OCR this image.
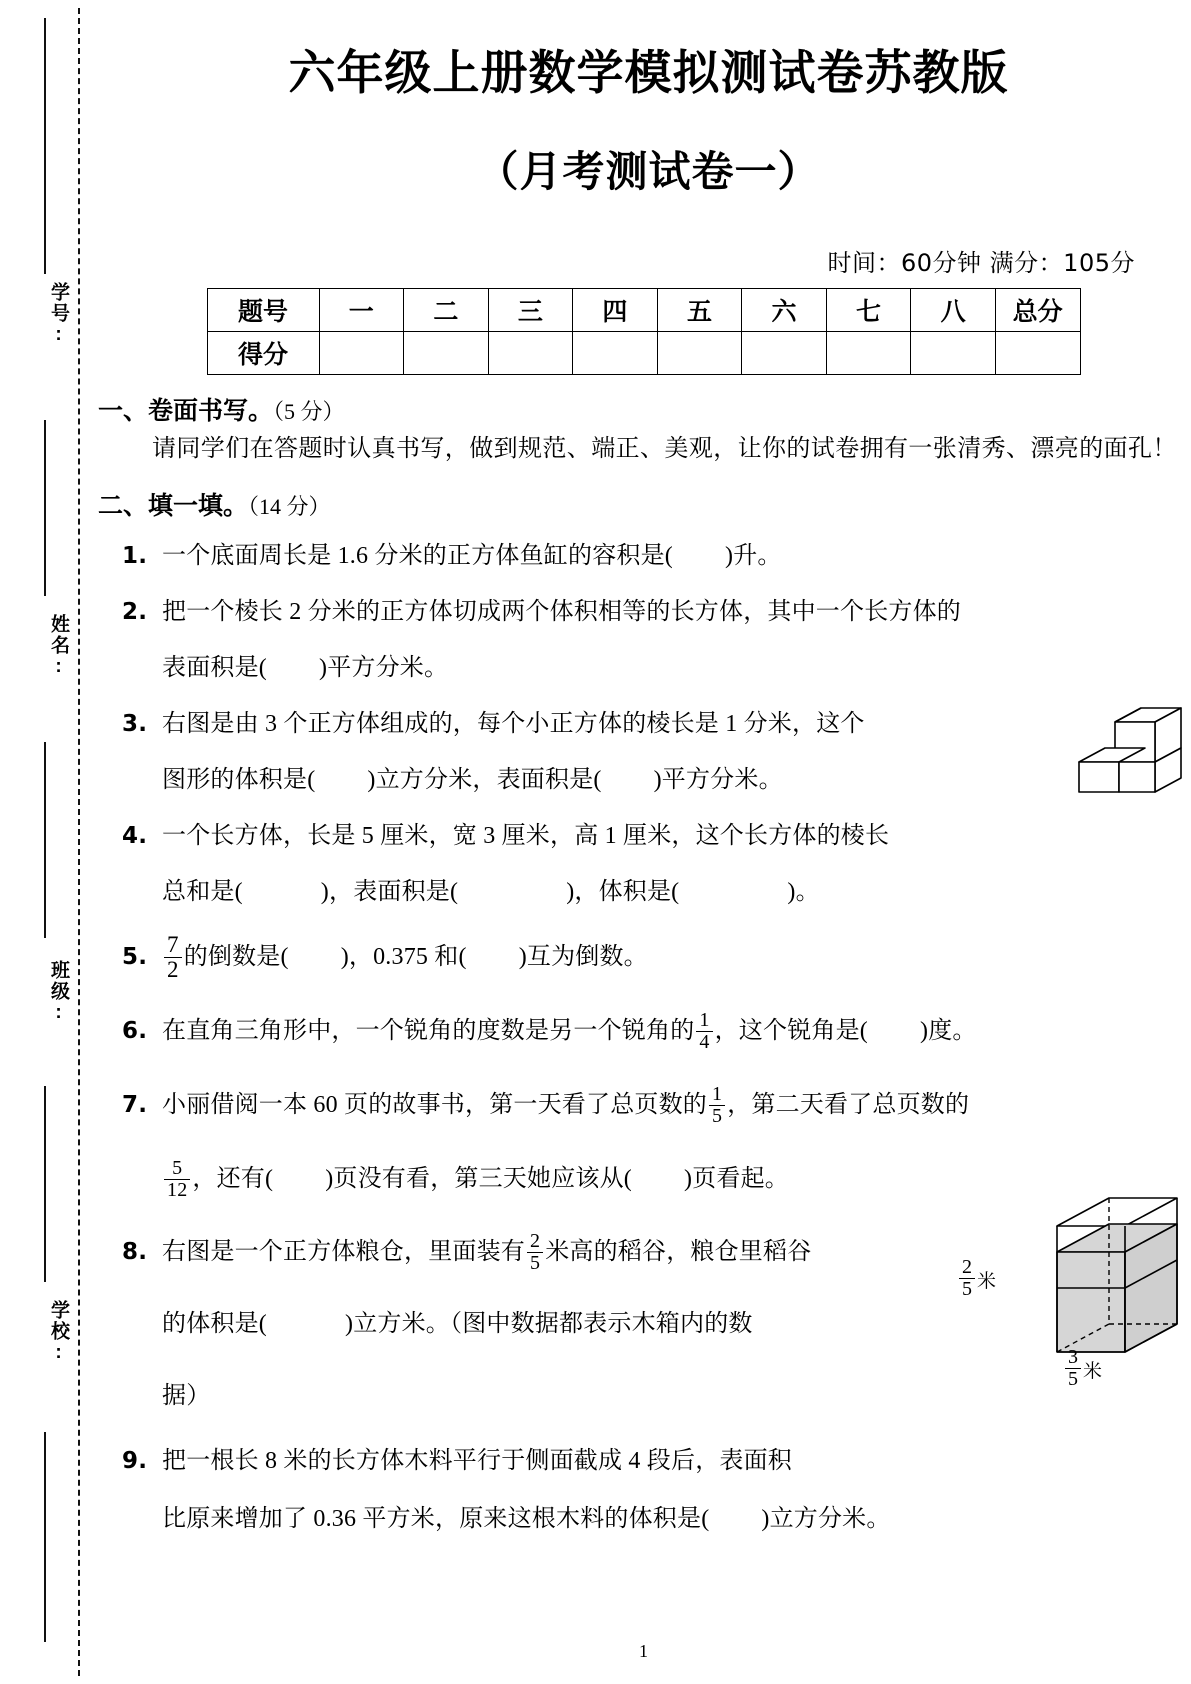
学号:
姓名:
班级:
学校:
六年级上册数学模拟测试卷苏教版
（月考测试卷一）
时间：60分钟 满分：105分
题号	一	二	三	四	五	六	七	八	总分
得分									
一、卷面书写。（5 分）
请同学们在答题时认真书写，做到规范、端正、美观，让你的试卷拥有一张清秀、漂亮的面孔！
二、填一填。（14 分）
1. 一个底面周长是 1.6 分米的正方体鱼缸的容积是( )升。
2. 把一个棱长 2 分米的正方体切成两个体积相等的长方体，其中一个长方体的
表面积是( )平方分米。
3. 右图是由 3 个正方体组成的，每个小正方体的棱长是 1 分米，这个
图形的体积是( )立方分米，表面积是( )平方分米。
4. 一个长方体，长是 5 厘米，宽 3 厘米，高 1 厘米，这个长方体的棱长
总和是(	)，表面积是(	)，体积是(	)。
5. $\frac{7}{2}$ 的倒数是( )，0.375 和( )互为倒数。
6. 在直角三角形中，一个锐角的度数是另一个锐角的 $\frac{1}{4}$ ，这个锐角是( )度。
7. 小丽借阅一本 60 页的故事书，第一天看了总页数的 $\frac{1}{5}$ ，第二天看了总页数的

$\frac{5}{12}$ ，还有( )页没有看，第三天她应该从( )页看起。
8. 右图是一个正方体粮仓，里面装有 $\frac{2}{5}$ 米高的稻谷，粮仓里稻谷
的体积是(	)立方米。（图中数据都表示木箱内的数
据）
9. 把一根长 8 米的长方体木料平行于侧面截成 4 段后，表面积
比原来增加了 0.36 平方米，原来这根木料的体积是( )立方分米。
$\frac{2}{5}$ 米
$\frac{3}{5}$ 米
1
